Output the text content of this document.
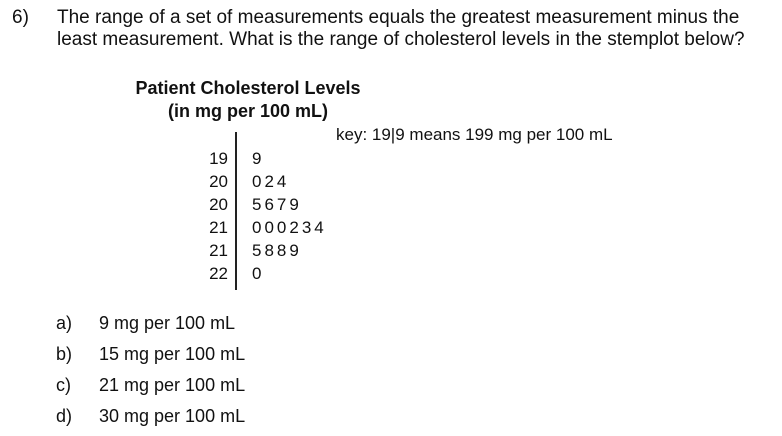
6) The range of a set of measurements equals the greatest measurement minus the least measurement. What is the range of cholesterol levels in the stemplot below?
Patient Cholesterol Levels
(in mg per 100 mL)
key: 19|9 means 199 mg per 100 mL
19 9
20 024
20 5679
21 000234
21 5889
22 0
a) 9 mg per 100 mL
b) 15 mg per 100 mL
c) 21 mg per 100 mL
d) 30 mg per 100 mL
